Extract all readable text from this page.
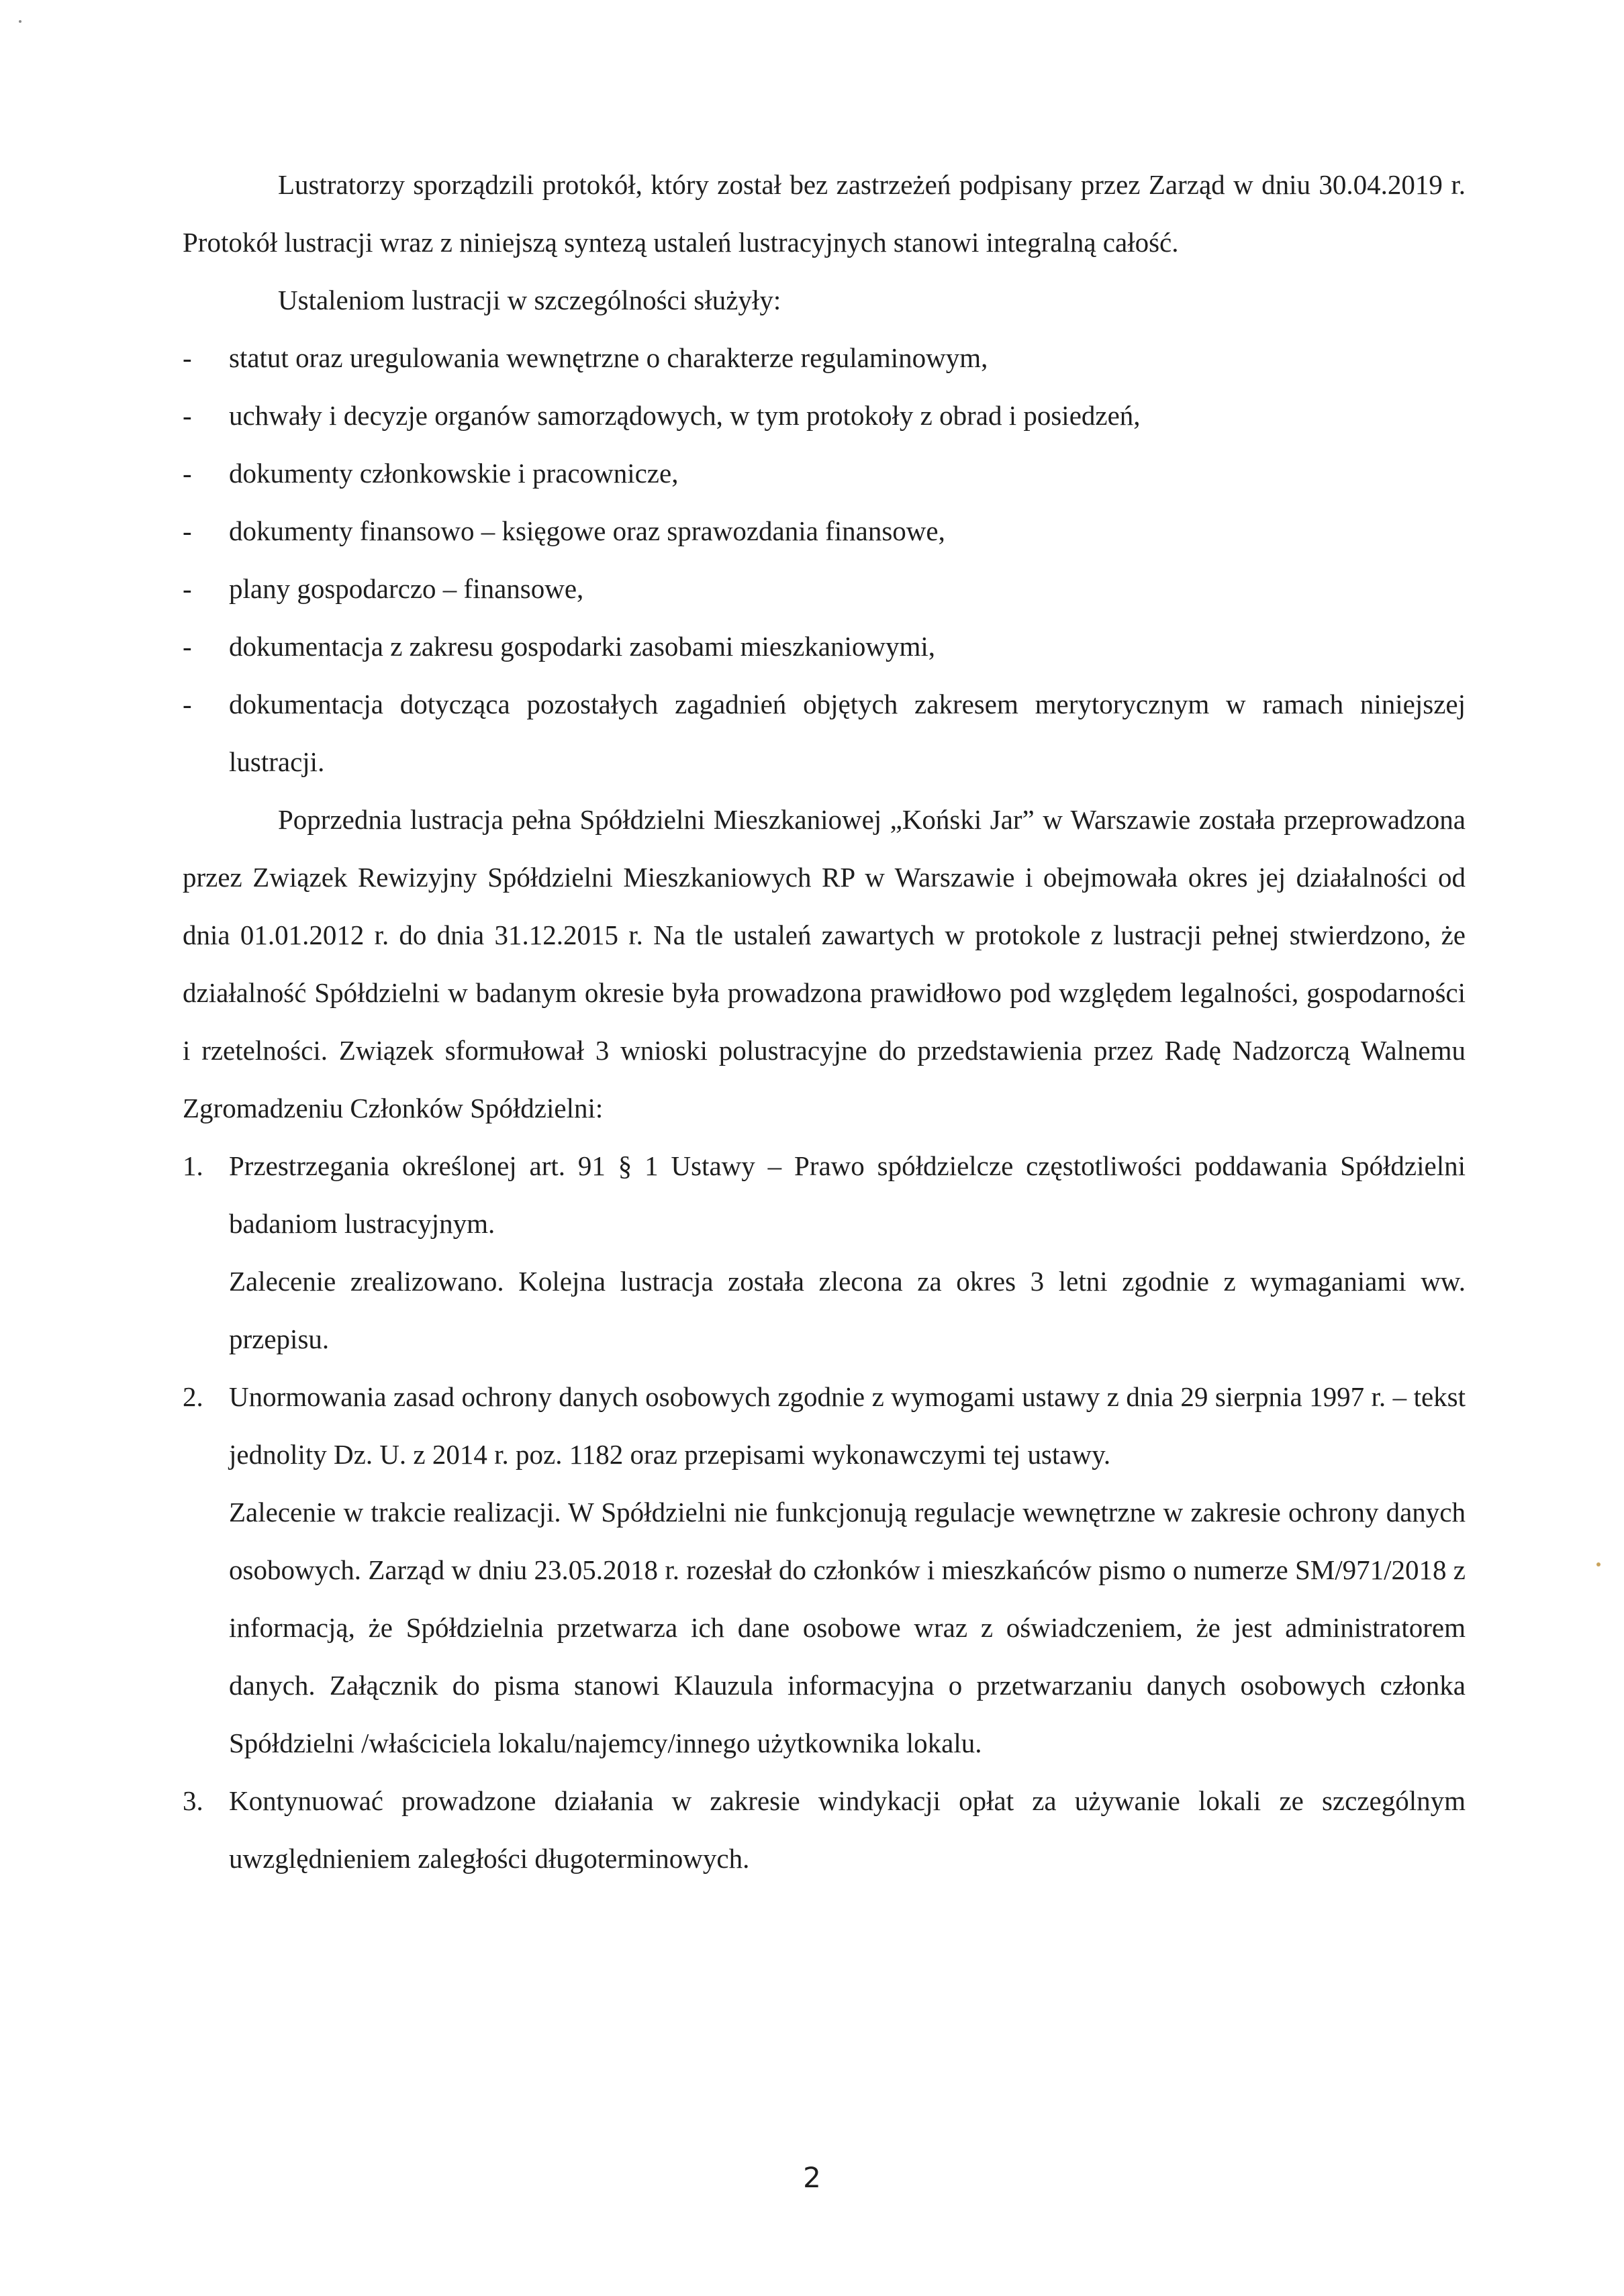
Lustratorzy sporządzili protokół, który został bez zastrzeżeń podpisany przez Zarząd w dniu 30.04.2019 r. Protokół lustracji wraz z niniejszą syntezą ustaleń lustracyjnych stanowi integralną całość.

Ustaleniom lustracji w szczególności służyły:

- statut oraz uregulowania wewnętrzne o charakterze regulaminowym,
- uchwały i decyzje organów samorządowych, w tym protokoły z obrad i posiedzeń,
- dokumenty członkowskie i pracownicze,
- dokumenty finansowo – księgowe oraz sprawozdania finansowe,
- plany gospodarczo – finansowe,
- dokumentacja z zakresu gospodarki zasobami mieszkaniowymi,
- dokumentacja dotycząca pozostałych zagadnień objętych zakresem merytorycznym w ramach niniejszej lustracji.

Poprzednia lustracja pełna Spółdzielni Mieszkaniowej „Koński Jar” w Warszawie została przeprowadzona przez Związek Rewizyjny Spółdzielni Mieszkaniowych RP w Warszawie i obejmowała okres jej działalności od dnia 01.01.2012 r. do dnia 31.12.2015 r. Na tle ustaleń zawartych w protokole z lustracji pełnej stwierdzono, że działalność Spółdzielni w badanym okresie była prowadzona prawidłowo pod względem legalności, gospodarności i rzetelności. Związek sformułował 3 wnioski polustracyjne do przedstawienia przez Radę Nadzorczą Walnemu Zgromadzeniu Członków Spółdzielni:

1. Przestrzegania określonej art. 91 § 1 Ustawy – Prawo spółdzielcze częstotliwości poddawania Spółdzielni badaniom lustracyjnym.

Zalecenie zrealizowano. Kolejna lustracja została zlecona za okres 3 letni zgodnie z wymaganiami ww. przepisu.

2. Unormowania zasad ochrony danych osobowych zgodnie z wymogami ustawy z dnia 29 sierpnia 1997 r. – tekst jednolity Dz. U. z 2014 r. poz. 1182 oraz przepisami wykonawczymi tej ustawy.

Zalecenie w trakcie realizacji. W Spółdzielni nie funkcjonują regulacje wewnętrzne w zakresie ochrony danych osobowych. Zarząd w dniu 23.05.2018 r. rozesłał do członków i mieszkańców pismo o numerze SM/971/2018 z informacją, że Spółdzielnia przetwarza ich dane osobowe wraz z oświadczeniem, że jest administratorem danych. Załącznik do pisma stanowi Klauzula informacyjna o przetwarzaniu danych osobowych członka Spółdzielni /właściciela lokalu/najemcy/innego użytkownika lokalu.

3. Kontynuować prowadzone działania w zakresie windykacji opłat za używanie lokali ze szczególnym uwzględnieniem zaległości długoterminowych.

2
